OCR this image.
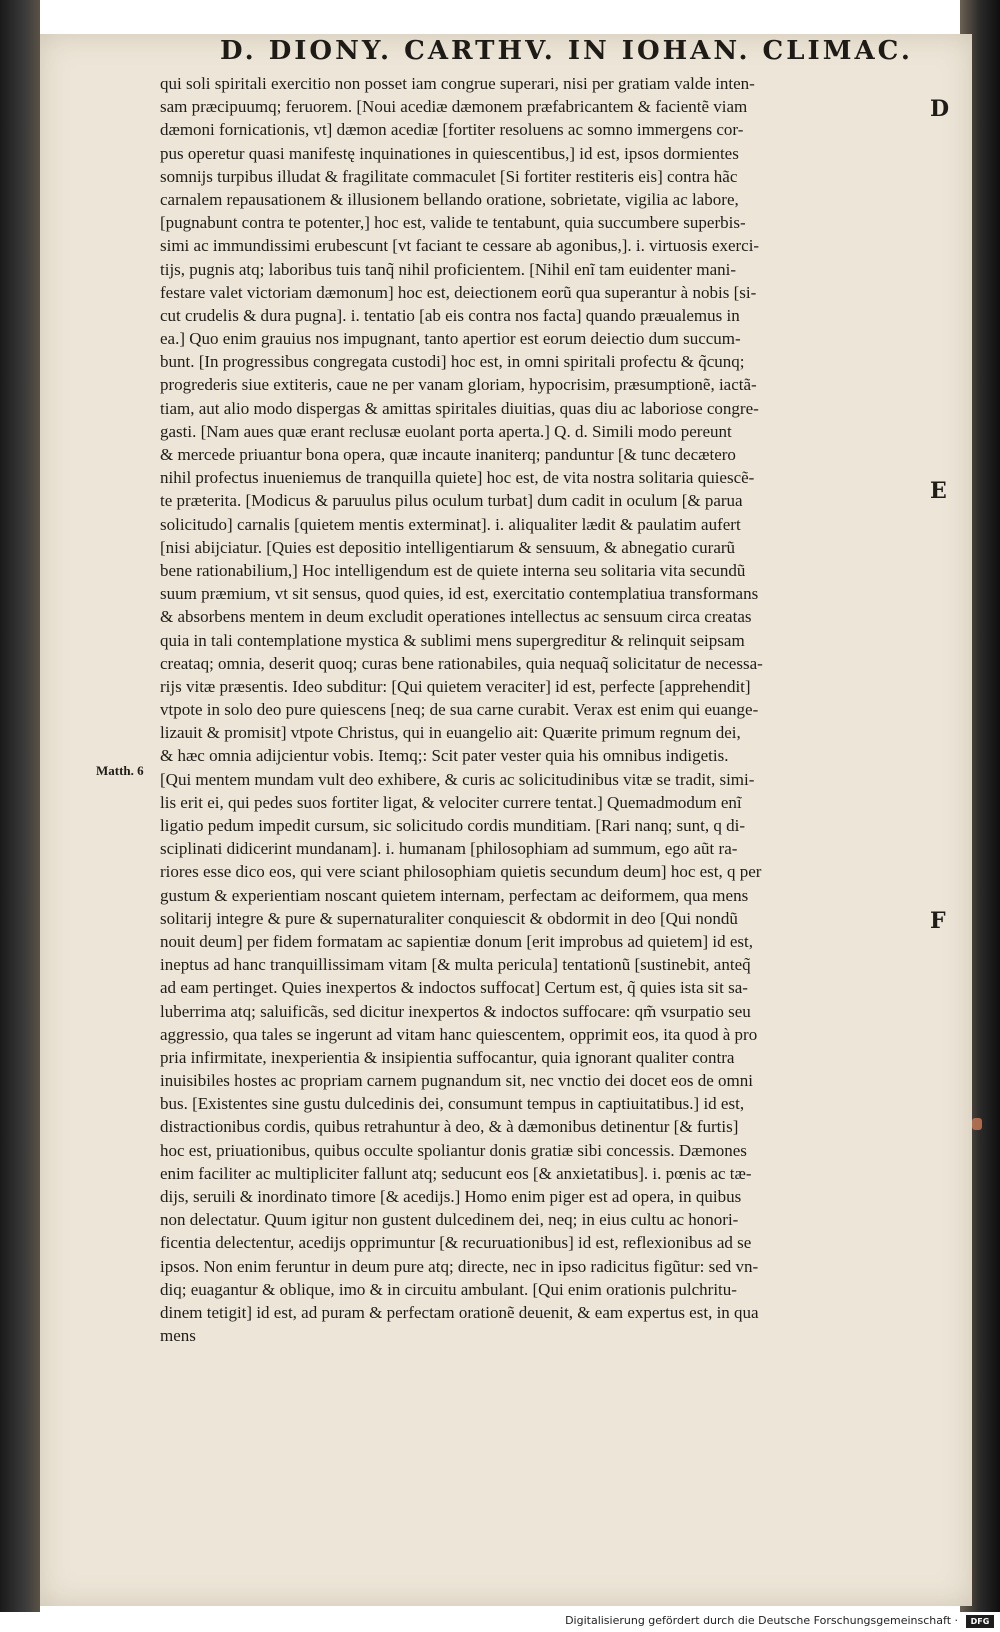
D. DIONY. CARTHV. IN IOHAN. CLIMAC.
D
E
F
Matth. 6
qui soli spiritali exercitio non posset iam congrue superari, nisi per gratiam valde inten-
sam præcipuumq; feruorem. [Noui acediæ dæmonem præfabricantem & facientẽ viam
dæmoni fornicationis, vt] dæmon acediæ [fortiter resoluens ac somno immergens cor-
pus operetur quasi manifestę inquinationes in quiescentibus,] id est, ipsos dormientes
somnijs turpibus illudat & fragilitate commaculet [Si fortiter restiteris eis] contra hãc
carnalem repausationem & illusionem bellando oratione, sobrietate, vigilia ac labore,
[pugnabunt contra te potenter,] hoc est, valide te tentabunt, quia succumbere superbis-
simi ac immundissimi erubescunt [vt faciant te cessare ab agonibus,]. i. virtuosis exerci-
tijs, pugnis atq; laboribus tuis tanq̃ nihil proficientem. [Nihil enĩ tam euidenter mani-
festare valet victoriam dæmonum] hoc est, deiectionem eorũ qua superantur à nobis [si-
cut crudelis & dura pugna]. i. tentatio [ab eis contra nos facta] quando præualemus in
ea.] Quo enim grauius nos impugnant, tanto apertior est eorum deiectio dum succum-
bunt. [In progressibus congregata custodi] hoc est, in omni spiritali profectu & q̃cunq;
progrederis siue extiteris, caue ne per vanam gloriam, hypocrisim, præsumptionẽ, iactã-
tiam, aut alio modo dispergas & amittas spiritales diuitias, quas diu ac laboriose congre-
gasti. [Nam aues quæ erant reclusæ euolant porta aperta.] Q. d. Simili modo pereunt
& mercede priuantur bona opera, quæ incaute inaniterq; panduntur [& tunc decætero
nihil profectus inueniemus de tranquilla quiete] hoc est, de vita nostra solitaria quiescẽ-
te præterita. [Modicus & paruulus pilus oculum turbat] dum cadit in oculum [& parua
solicitudo] carnalis [quietem mentis exterminat]. i. aliqualiter lædit & paulatim aufert
[nisi abijciatur. [Quies est depositio intelligentiarum & sensuum, & abnegatio curarũ
bene rationabilium,] Hoc intelligendum est de quiete interna seu solitaria vita secundũ
suum præmium, vt sit sensus, quod quies, id est, exercitatio contemplatiua transformans
& absorbens mentem in deum excludit operationes intellectus ac sensuum circa creatas
quia in tali contemplatione mystica & sublimi mens supergreditur & relinquit seipsam
creataq; omnia, deserit quoq; curas bene rationabiles, quia nequaq̃ solicitatur de necessa-
rijs vitæ præsentis. Ideo subditur: [Qui quietem veraciter] id est, perfecte [apprehendit]
vtpote in solo deo pure quiescens [neq; de sua carne curabit. Verax est enim qui euange-
lizauit & promisit] vtpote Christus, qui in euangelio ait: Quærite primum regnum dei,
& hæc omnia adijcientur vobis. Itemq;: Scit pater vester quia his omnibus indigetis.
[Qui mentem mundam vult deo exhibere, & curis ac solicitudinibus vitæ se tradit, simi-
lis erit ei, qui pedes suos fortiter ligat, & velociter currere tentat.] Quemadmodum enĩ
ligatio pedum impedit cursum, sic solicitudo cordis munditiam. [Rari nanq; sunt, q di-
sciplinati didicerint mundanam]. i. humanam [philosophiam ad summum, ego aũt ra-
riores esse dico eos, qui vere sciant philosophiam quietis secundum deum] hoc est, q per
gustum & experientiam noscant quietem internam, perfectam ac deiformem, qua mens
solitarij integre & pure & supernaturaliter conquiescit & obdormit in deo [Qui nondũ
nouit deum] per fidem formatam ac sapientiæ donum [erit improbus ad quietem] id est,
ineptus ad hanc tranquillissimam vitam [& multa pericula] tentationũ [sustinebit, anteq̃
ad eam pertinget. Quies inexpertos & indoctos suffocat] Certum est, q̃ quies ista sit sa-
luberrima atq; saluificãs, sed dicitur inexpertos & indoctos suffocare: qm̃ vsurpatio seu
aggressio, qua tales se ingerunt ad vitam hanc quiescentem, opprimit eos, ita quod à pro
pria infirmitate, inexperientia & insipientia suffocantur, quia ignorant qualiter contra
inuisibiles hostes ac propriam carnem pugnandum sit, nec vnctio dei docet eos de omni
bus. [Existentes sine gustu dulcedinis dei, consumunt tempus in captiuitatibus.] id est,
distractionibus cordis, quibus retrahuntur à deo, & à dæmonibus detinentur [& furtis]
hoc est, priuationibus, quibus occulte spoliantur donis gratiæ sibi concessis. Dæmones
enim faciliter ac multipliciter fallunt atq; seducunt eos [& anxietatibus]. i. pœnis ac tæ-
dijs, seruili & inordinato timore [& acedijs.] Homo enim piger est ad opera, in quibus
non delectatur. Quum igitur non gustent dulcedinem dei, neq; in eius cultu ac honori-
ficentia delectentur, acedijs opprimuntur [& recuruationibus] id est, reflexionibus ad se
ipsos. Non enim feruntur in deum pure atq; directe, nec in ipso radicitus figũtur: sed vn-
diq; euagantur & oblique, imo & in circuitu ambulant. [Qui enim orationis pulchritu-
dinem tetigit] id est, ad puram & perfectam orationẽ deuenit, & eam expertus est, in qua
mens
Digitalisierung gefördert durch die Deutsche Forschungsgemeinschaft ·	DFG
